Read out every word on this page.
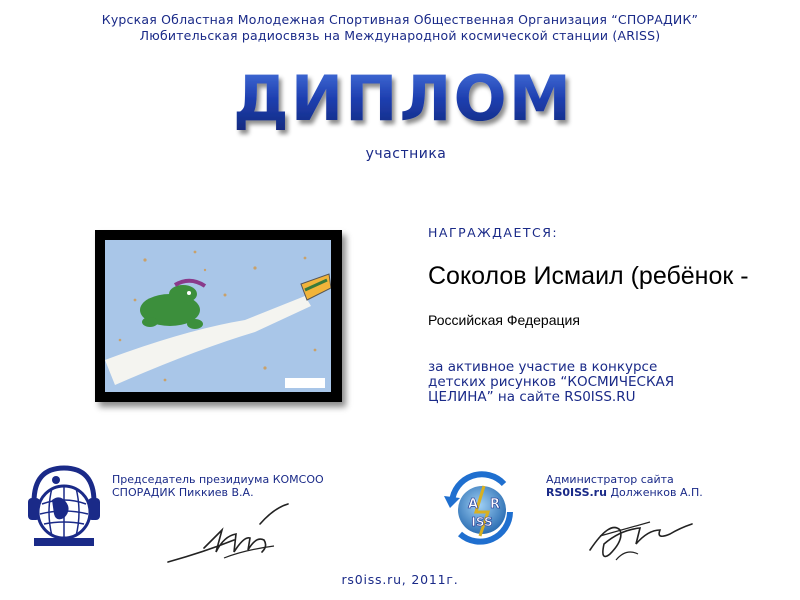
Курская Областная Молодежная Спортивная Общественная Организация “СПОРАДИК”
Любительская радиосвязь на Международной космической станции (ARISS)
ДИПЛОМ
участника
НАГРАЖДАЕТСЯ:
Соколов Исмаил (ребёнок -
Российская Федерация
за активное участие в конкурсе
детских рисунков “КОСМИЧЕСКАЯ
ЦЕЛИНА” на сайте RS0ISS.RU
Председатель президиума КОМСОО
СПОРАДИК Пиккиев В.А.
A R
ISS
Администратор сайта
RS0ISS.ru Долженков А.П.
rs0iss.ru, 2011г.
